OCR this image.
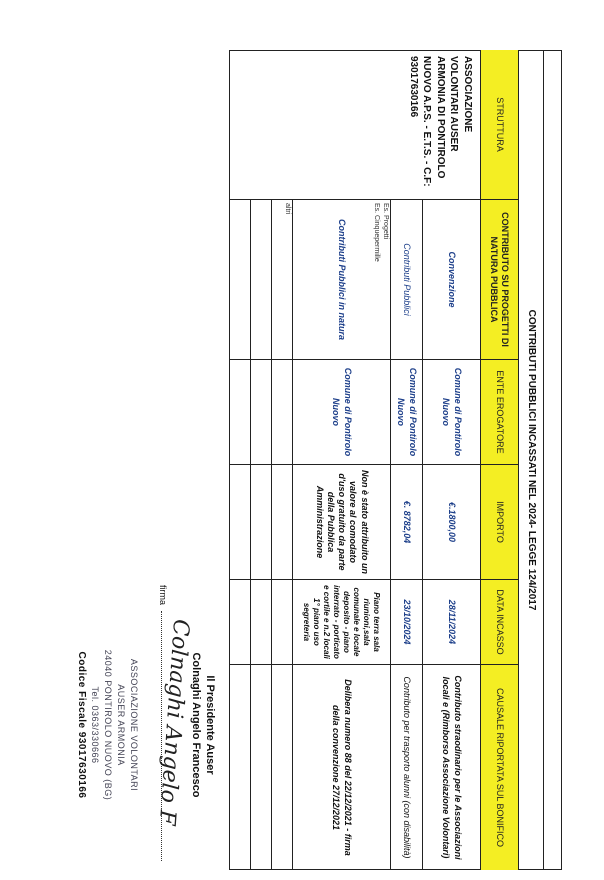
CONTRIBUTI PUBBLICI INCASSATI NEL 2024- LEGGE 124/2017
STRUTTURA
CONTRIBUTO SU PROGETTI DI NATURA PUBBLICA
ENTE EROGATORE
IMPORTO
DATA INCASSO
CAUSALE RIPORTATA SUL BONIFICO
ASSOCIAZIONE VOLONTARI AUSER ARMONIA DI PONTIROLO NUOVO A.P.S. - E.T.S. - C.F: 93017630166
Convenzione
Comune di Pontirolo Nuovo
€.1800,00
28/11/2024
Contributo straodinario per le Associazioni locali e (Rimborso Associazione Volontari)
Contributi Pubblici
Comune di Pontirolo Nuovo
€. 8782,04
23/10/2024
Contributo per trasporto alunni (con disabilità)
Es. Progetti
Es. Cinquepermille
Contributi Pubblici in natura
Comune di Pontirolo Nuovo
Non è stato attribuito un valore al comodato d'uso gratuito da parte della Pubblica Amministrazione
Piano terra sala riunioni,sala comunale e locale deposito - piano interrato - porticato e cortile e n.2 locali 1° piano uso segreteria
Delibera numero 88 del 22/12/2021 - firma della convenzione 27/12/2021
altri
Il Presidente Auser
Colnaghi Angelo Francesco
firma
Colnaghi Angelo F
ASSOCIAZIONE VOLONTARI
AUSER ARMONIA
24040 PONTIROLO NUOVO (BG)
Tel. 0363/330666
Codice Fiscale 93017630166
